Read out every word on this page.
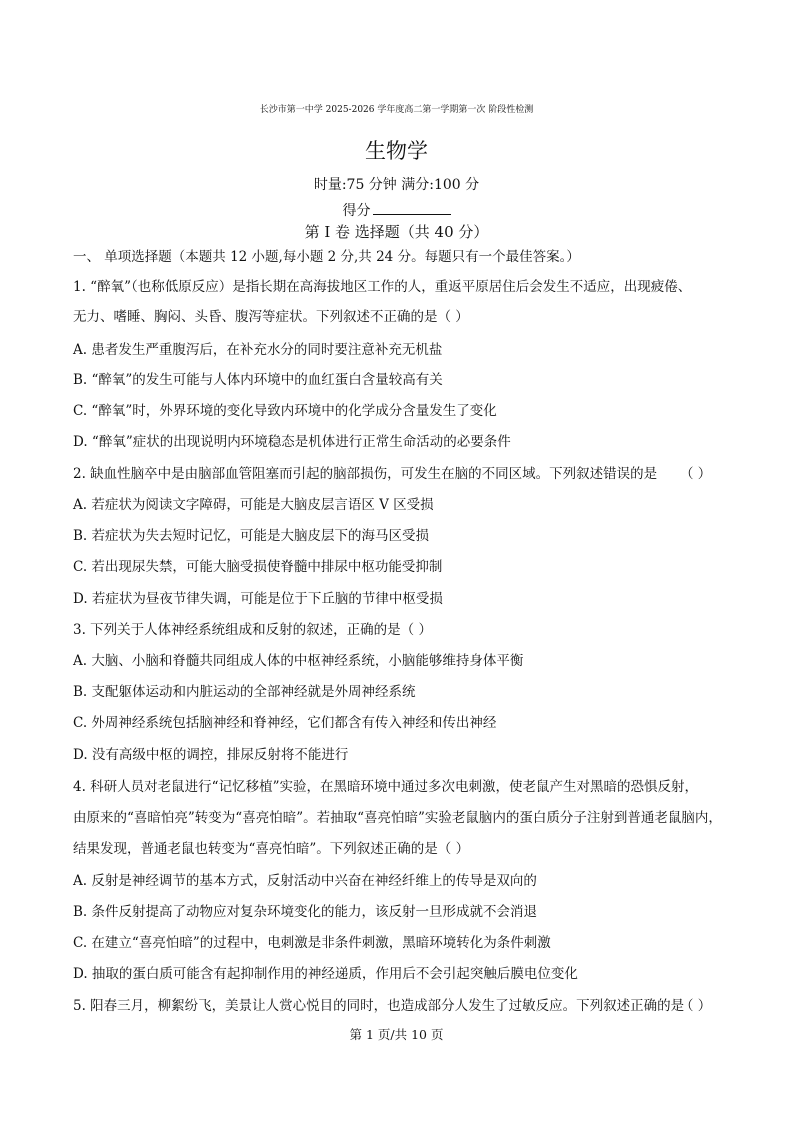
长沙市第一中学 2025-2026 学年度高二第一学期第一次 阶段性检测
生物学
时量:75 分钟 满分:100 分
得分
第 I 卷 选择题（共 40 分）
一、 单项选择题（本题共 12 小题,每小题 2 分,共 24 分。每题只有一个最佳答案。）
1. “醉氧”（也称低原反应）是指长期在高海拔地区工作的人，重返平原居住后会发生不适应，出现疲倦、
无力、嗜睡、胸闷、头昏、腹泻等症状。下列叙述不正确的是（ ）
A. 患者发生严重腹泻后，在补充水分的同时要注意补充无机盐
B. “醉氧”的发生可能与人体内环境中的血红蛋白含量较高有关
C. “醉氧”时，外界环境的变化导致内环境中的化学成分含量发生了变化
D. “醉氧”症状的出现说明内环境稳态是机体进行正常生命活动的必要条件
2. 缺血性脑卒中是由脑部血管阻塞而引起的脑部损伤，可发生在脑的不同区域。下列叙述错误的是 （ ）
A. 若症状为阅读文字障碍，可能是大脑皮层言语区 V 区受损
B. 若症状为失去短时记忆，可能是大脑皮层下的海马区受损
C. 若出现尿失禁，可能大脑受损使脊髓中排尿中枢功能受抑制
D. 若症状为昼夜节律失调，可能是位于下丘脑的节律中枢受损
3. 下列关于人体神经系统组成和反射的叙述，正确的是（ ）
A. 大脑、小脑和脊髓共同组成人体的中枢神经系统，小脑能够维持身体平衡
B. 支配躯体运动和内脏运动的全部神经就是外周神经系统
C. 外周神经系统包括脑神经和脊神经，它们都含有传入神经和传出神经
D. 没有高级中枢的调控，排尿反射将不能进行
4. 科研人员对老鼠进行“记忆移植”实验，在黑暗环境中通过多次电刺激，使老鼠产生对黑暗的恐惧反射，
由原来的“喜暗怕亮”转变为“喜亮怕暗”。若抽取“喜亮怕暗”实验老鼠脑内的蛋白质分子注射到普通老鼠脑内，
结果发现，普通老鼠也转变为“喜亮怕暗”。下列叙述正确的是（ ）
A. 反射是神经调节的基本方式，反射活动中兴奋在神经纤维上的传导是双向的
B. 条件反射提高了动物应对复杂环境变化的能力，该反射一旦形成就不会消退
C. 在建立“喜亮怕暗”的过程中，电刺激是非条件刺激，黑暗环境转化为条件刺激
D. 抽取的蛋白质可能含有起抑制作用的神经递质，作用后不会引起突触后膜电位变化
5. 阳春三月，柳絮纷飞，美景让人赏心悦目的同时，也造成部分人发生了过敏反应。下列叙述正确的是
（ ）
第 1 页/共 10 页
